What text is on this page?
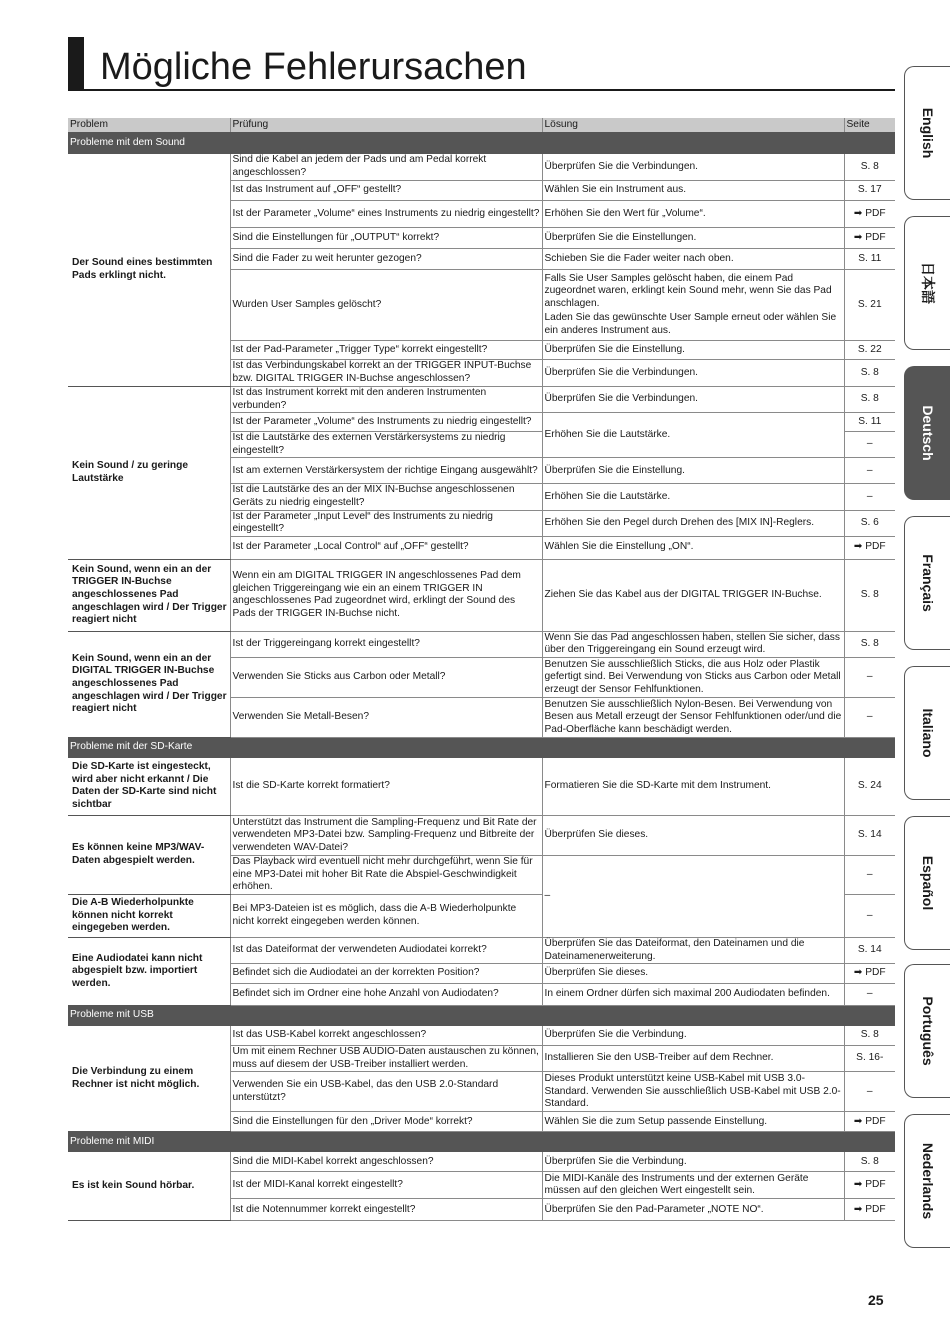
Mögliche Fehlerursachen
Problem	Prüfung	Lösung	Seite
Probleme mit dem Sound			
Der Sound eines bestimmten Pads erklingt nicht.	Sind die Kabel an jedem der Pads und am Pedal korrekt angeschlossen?	Überprüfen Sie die Verbindungen.	S. 8
	Ist das Instrument auf „OFF“ gestellt?	Wählen Sie ein Instrument aus.	S. 17
	Ist der Parameter „Volume“ eines Instruments zu niedrig eingestellt?	Erhöhen Sie den Wert für „Volume“.	➡ PDF
	Sind die Einstellungen für „OUTPUT“ korrekt?	Überprüfen Sie die Einstellungen.	➡ PDF
	Sind die Fader zu weit herunter gezogen?	Schieben Sie die Fader weiter nach oben.	S. 11
	Wurden User Samples gelöscht?	Falls Sie User Samples gelöscht haben, die einem Pad zugeordnet waren, erklingt kein Sound mehr, wenn Sie das Pad anschlagen.
Laden Sie das gewünschte User Sample erneut oder wählen Sie ein anderes Instrument aus.	S. 21
	Ist der Pad-Parameter „Trigger Type“ korrekt eingestellt?	Überprüfen Sie die Einstellung.	S. 22
	Ist das Verbindungskabel korrekt an der TRIGGER INPUT-Buchse bzw. DIGITAL TRIGGER IN-Buchse angeschlossen?	Überprüfen Sie die Verbindungen.	S. 8
Kein Sound / zu geringe Lautstärke	Ist das Instrument korrekt mit den anderen Instrumenten verbunden?	Überprüfen Sie die Verbindungen.	S. 8
	Ist der Parameter „Volume“ des Instruments zu niedrig eingestellt?	Erhöhen Sie die Lautstärke.	S. 11
	Ist die Lautstärke des externen Verstärkersystems zu niedrig eingestellt?		–
	Ist am externen Verstärkersystem der richtige Eingang ausgewählt?	Überprüfen Sie die Einstellung.	–
	Ist die Lautstärke des an der MIX IN-Buchse angeschlossenen Geräts zu niedrig eingestellt?	Erhöhen Sie die Lautstärke.	–
	Ist der Parameter „Input Level“ des Instruments zu niedrig eingestellt?	Erhöhen Sie den Pegel durch Drehen des [MIX IN]-Reglers.	S. 6
	Ist der Parameter „Local Control“ auf „OFF“ gestellt?	Wählen Sie die Einstellung „ON“.	➡ PDF
Kein Sound, wenn ein an der TRIGGER IN-Buchse angeschlossenes Pad angeschlagen wird / Der Trigger reagiert nicht	Wenn ein am DIGITAL TRIGGER IN angeschlossenes Pad dem gleichen Triggereingang wie ein an einem TRIGGER IN angeschlossenes Pad zugeordnet wird, erklingt der Sound des Pads der TRIGGER IN-Buchse nicht.	Ziehen Sie das Kabel aus der DIGITAL TRIGGER IN-Buchse.	S. 8
Kein Sound, wenn ein an der DIGITAL TRIGGER IN-Buchse angeschlossenes Pad angeschlagen wird / Der Trigger reagiert nicht	Ist der Triggereingang korrekt eingestellt?	Wenn Sie das Pad angeschlossen haben, stellen Sie sicher, dass über den Triggereingang ein Sound erzeugt wird.	S. 8
	Verwenden Sie Sticks aus Carbon oder Metall?	Benutzen Sie ausschließlich Sticks, die aus Holz oder Plastik gefertigt sind. Bei Verwendung von Sticks aus Carbon oder Metall erzeugt der Sensor Fehlfunktionen.	–
	Verwenden Sie Metall-Besen?	Benutzen Sie ausschließlich Nylon-Besen. Bei Verwendung von Besen aus Metall erzeugt der Sensor Fehlfunktionen oder/und die Pad-Oberfläche kann beschädigt werden.	–
Probleme mit der SD-Karte			
Die SD-Karte ist eingesteckt, wird aber nicht erkannt / Die Daten der SD-Karte sind nicht sichtbar	Ist die SD-Karte korrekt formatiert?	Formatieren Sie die SD-Karte mit dem Instrument.	S. 24
Es können keine MP3/WAV-Daten abgespielt werden.	Unterstützt das Instrument die Sampling-Frequenz und Bit Rate der verwendeten MP3-Datei bzw. Sampling-Frequenz und Bitbreite der verwendeten WAV-Datei?	Überprüfen Sie dieses.	S. 14
	Das Playback wird eventuell nicht mehr durchgeführt, wenn Sie für eine MP3-Datei mit hoher Bit Rate die Abspiel-Geschwindigkeit erhöhen.	–	–
Die A-B Wiederholpunkte können nicht korrekt eingegeben werden.	Bei MP3-Dateien ist es möglich, dass die A-B Wiederholpunkte nicht korrekt eingegeben werden können.		–
Eine Audiodatei kann nicht abgespielt bzw. importiert werden.	Ist das Dateiformat der verwendeten Audiodatei korrekt?	Überprüfen Sie das Dateiformat, den Dateinamen und die Dateinamenerweiterung.	S. 14
	Befindet sich die Audiodatei an der korrekten Position?	Überprüfen Sie dieses.	➡ PDF
	Befindet sich im Ordner eine hohe Anzahl von Audiodaten?	In einem Ordner dürfen sich maximal 200 Audiodaten befinden.	–
Probleme mit USB			
Die Verbindung zu einem Rechner ist nicht möglich.	Ist das USB-Kabel korrekt angeschlossen?	Überprüfen Sie die Verbindung.	S. 8
	Um mit einem Rechner USB AUDIO-Daten austauschen zu können, muss auf diesem der USB-Treiber installiert werden.	Installieren Sie den USB-Treiber auf dem Rechner.	S. 16-
	Verwenden Sie ein USB-Kabel, das den USB 2.0-Standard unterstützt?	Dieses Produkt unterstützt keine USB-Kabel mit USB 3.0-Standard. Verwenden Sie ausschließlich USB-Kabel mit USB 2.0-Standard.	–
	Sind die Einstellungen für den „Driver Mode“ korrekt?	Wählen Sie die zum Setup passende Einstellung.	➡ PDF
Probleme mit MIDI			
Es ist kein Sound hörbar.	Sind die MIDI-Kabel korrekt angeschlossen?	Überprüfen Sie die Verbindung.	S. 8
	Ist der MIDI-Kanal korrekt eingestellt?	Die MIDI-Kanäle des Instruments und der externen Geräte müssen auf den gleichen Wert eingestellt sein.	➡ PDF
	Ist die Notennummer korrekt eingestellt?	Überprüfen Sie den Pad-Parameter „NOTE NO“.	➡ PDF
English
日本語
Deutsch
Français
Italiano
Español
Português
Nederlands
25
